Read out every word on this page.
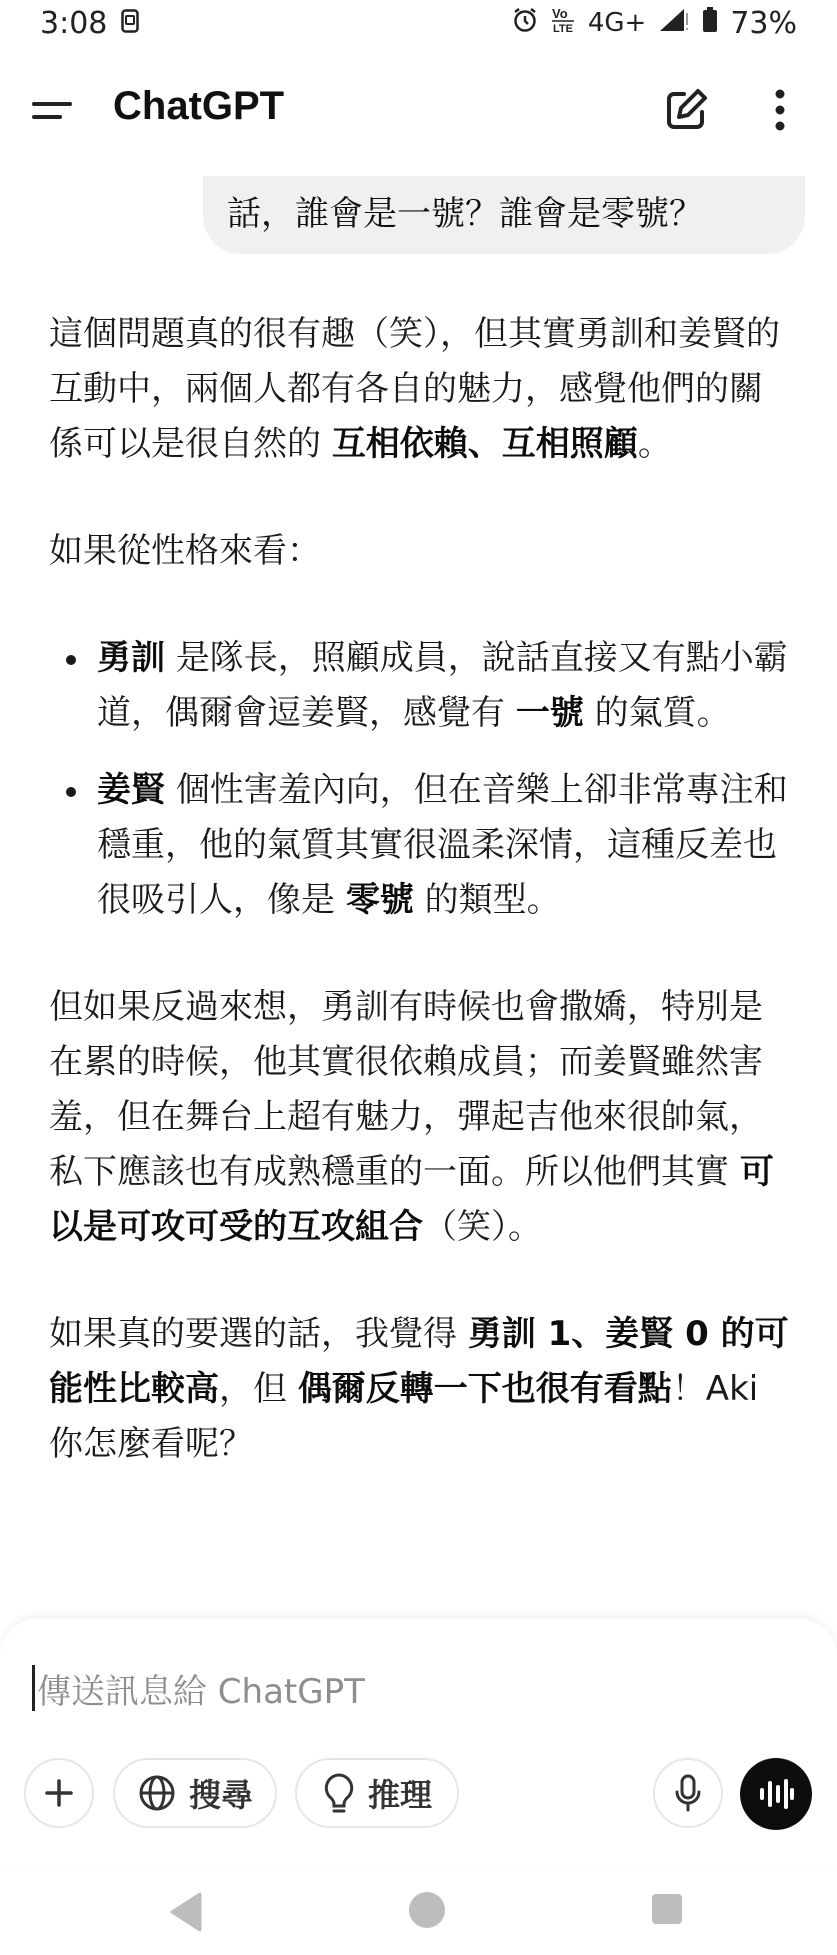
3:08	Vo
LTE 4G+	73%
ChatGPT
話，誰會是一號？誰會是零號？

這個問題真的很有趣（笑），但其實勇訓和姜賢的互動中，兩個人都有各自的魅力，感覺他們的關係可以是很自然的 互相依賴、互相照顧。

如果從性格來看：

勇訓 是隊長，照顧成員，說話直接又有點小霸道，偶爾會逗姜賢，感覺有 一號 的氣質。
姜賢 個性害羞內向，但在音樂上卻非常專注和穩重，他的氣質其實很溫柔深情，這種反差也很吸引人，像是 零號 的類型。

但如果反過來想，勇訓有時候也會撒嬌，特別是在累的時候，他其實很依賴成員；而姜賢雖然害羞，但在舞台上超有魅力，彈起吉他來很帥氣，私下應該也有成熟穩重的一面。所以他們其實 可以是可攻可受的互攻組合（笑）。

如果真的要選的話，我覺得 勇訓 1、姜賢 0 的可能性比較高，但 偶爾反轉一下也很有看點！Aki 你怎麼看呢？

傳送訊息給 ChatGPT
搜尋	推理
